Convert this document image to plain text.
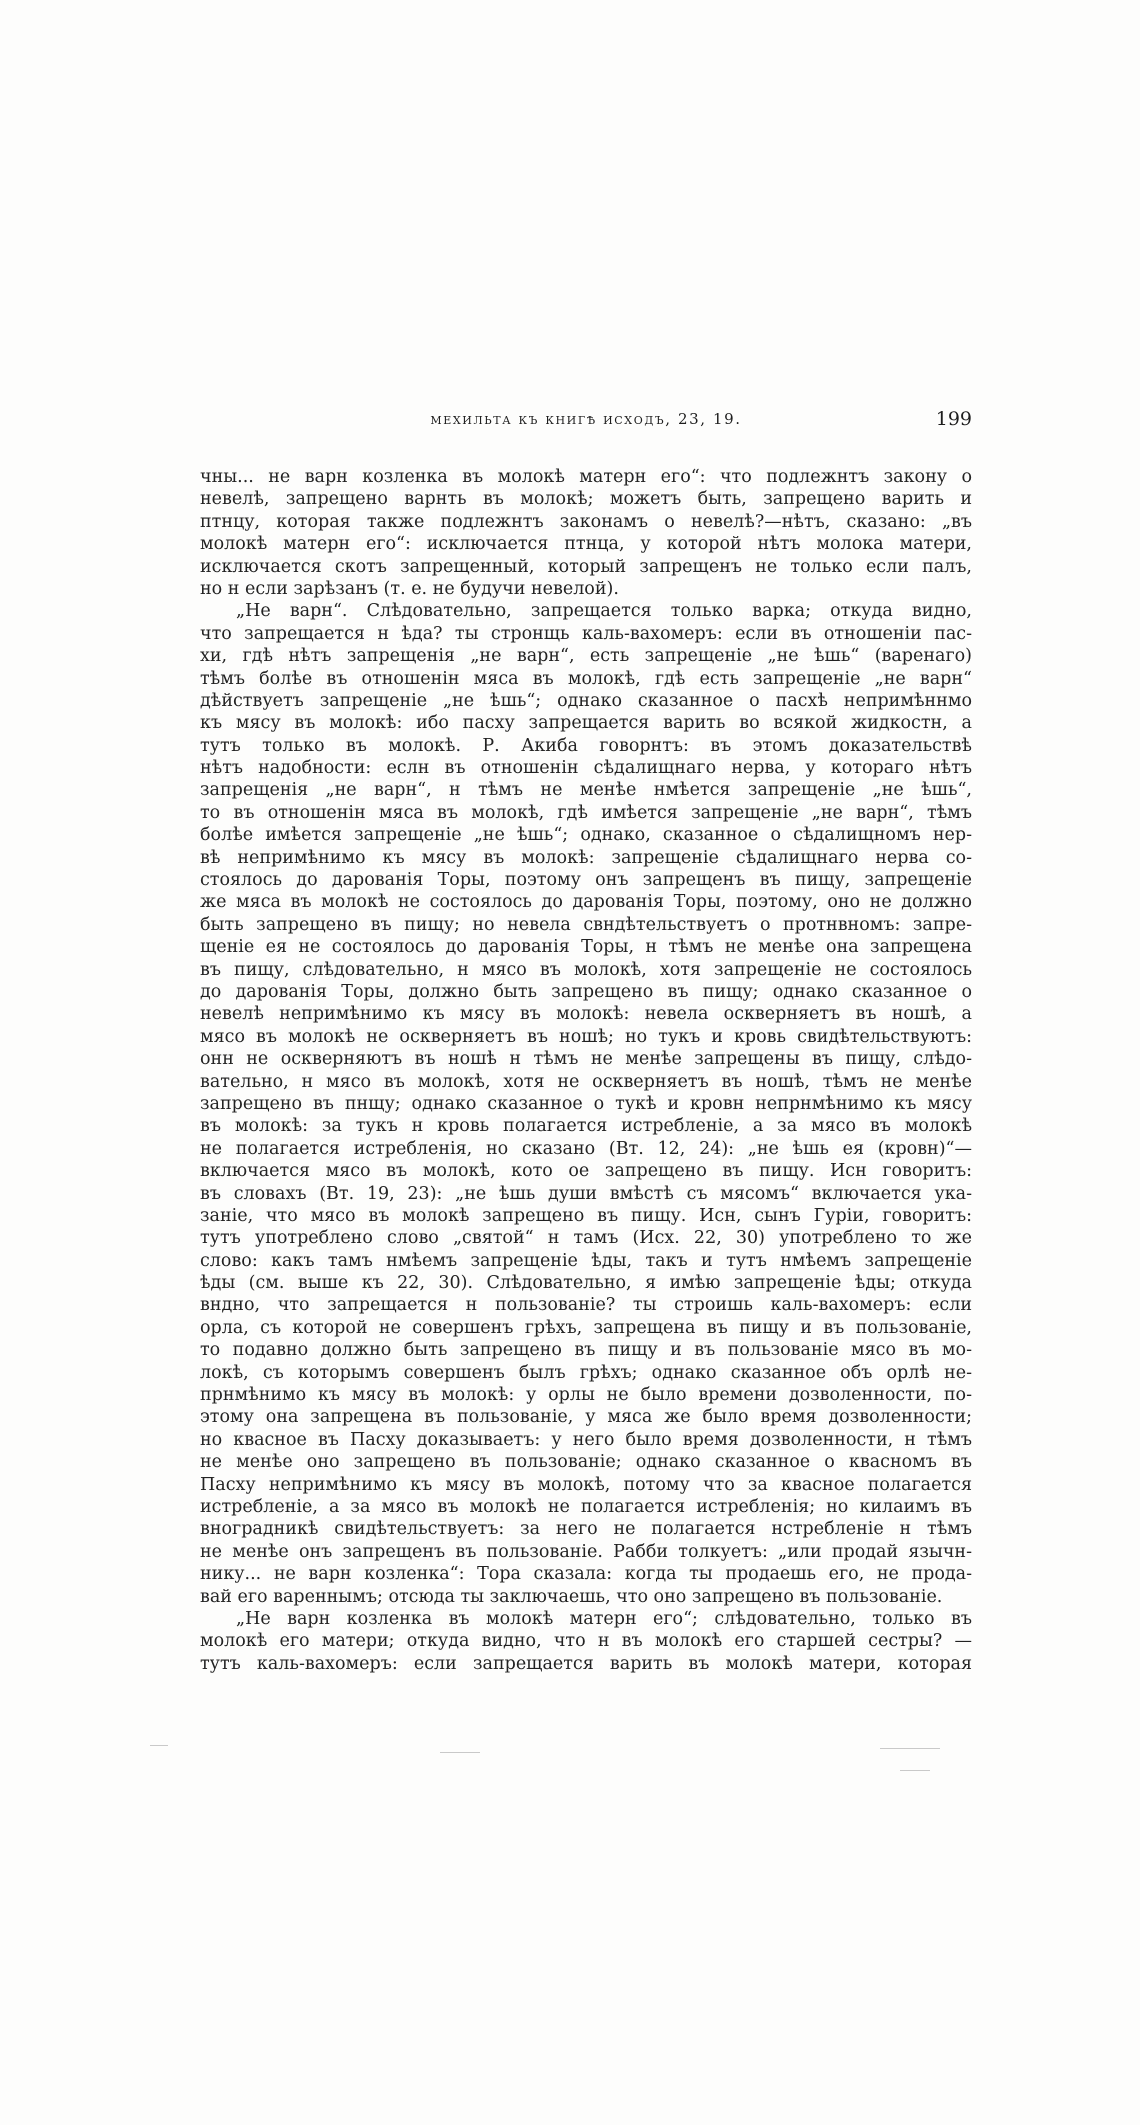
мехильта къ книгѣ исходъ, 23, 19.	199
чны... не варн козленка въ молокѣ матерн его“: что подлежнтъ закону о
невелѣ, запрещено варнть въ молокѣ; можетъ быть, запрещено варить и
птнцу, которая также подлежнтъ законамъ о невелѣ?—нѣтъ, сказано: „въ
молокѣ матерн его“: исключается птнца, у которой нѣтъ молока матери,
исключается скотъ запрещенный, который запрещенъ не только если палъ,
но н если зарѣзанъ (т. е. не будучи невелой).
„Не варн“. Слѣдовательно, запрещается только варка; откуда видно,
что запрещается н ѣда? ты стронщь каль-вахомеръ: если въ отношеніи пас-
хи, гдѣ нѣтъ запрещенія „не варн“, есть запрещеніе „не ѣшь“ (варенаго)
тѣмъ болѣе въ отношенін мяса въ молокѣ, гдѣ есть запрещеніе „не варн“
дѣйствуетъ запрещеніе „не ѣшь“; однако сказанное о пасхѣ непримѣннмо
къ мясу въ молокѣ: ибо пасху запрещается варить во всякой жидкостн, а
тутъ только въ молокѣ. Р. Акиба говорнтъ: въ этомъ доказательствѣ
нѣтъ надобности: еслн въ отношенін сѣдалищнаго нерва, у котораго нѣтъ
запрещенія „не варн“, н тѣмъ не менѣе нмѣется запрещеніе „не ѣшь“,
то въ отношенін мяса въ молокѣ, гдѣ имѣется запрещеніе „не варн“, тѣмъ
болѣе имѣется запрещеніе „не ѣшь“; однако, сказанное о сѣдалищномъ нер-
вѣ непримѣнимо къ мясу въ молокѣ: запрещеніе сѣдалищнаго нерва со-
стоялось до дарованія Торы, поэтому онъ запрещенъ въ пищу, запрещеніе
же мяса въ молокѣ не состоялось до дарованія Торы, поэтому, оно не должно
быть запрещено въ пищу; но невела свндѣтельствуетъ о протнвномъ: запре-
щеніе ея не состоялось до дарованія Торы, н тѣмъ не менѣе она запрещена
въ пищу, слѣдовательно, н мясо въ молокѣ, хотя запрещеніе не состоялось
до дарованія Торы, должно быть запрещено въ пищу; однако сказанное о
невелѣ непримѣнимо къ мясу въ молокѣ: невела оскверняетъ въ ношѣ, а
мясо въ молокѣ не оскверняетъ въ ношѣ; но тукъ и кровь свидѣтельствуютъ:
онн не оскверняютъ въ ношѣ н тѣмъ не менѣе запрещены въ пищу, слѣдо-
вательно, н мясо въ молокѣ, хотя не оскверняетъ въ ношѣ, тѣмъ не менѣе
запрещено въ пнщу; однако сказанное о тукѣ и кровн непрнмѣнимо къ мясу
въ молокѣ: за тукъ н кровь полагается истребленіе, а за мясо въ молокѣ
не полагается истребленія, но сказано (Вт. 12, 24): „не ѣшь ея (кровн)“—
включается мясо въ молокѣ, кото ое запрещено въ пищу. Исн говоритъ:
въ словахъ (Вт. 19, 23): „не ѣшь души вмѣстѣ съ мясомъ“ включается ука-
заніе, что мясо въ молокѣ запрещено въ пищу. Исн, сынъ Гуріи, говоритъ:
тутъ употреблено слово „святой“ н тамъ (Исх. 22, 30) употреблено то же
слово: какъ тамъ нмѣемъ запрещеніе ѣды, такъ и тутъ нмѣемъ запрещеніе
ѣды (см. выше къ 22, 30). Слѣдовательно, я имѣю запрещеніе ѣды; откуда
вндно, что запрещается н пользованіе? ты строишь каль-вахомеръ: если
орла, съ которой не совершенъ грѣхъ, запрещена въ пищу и въ пользованіе,
то подавно должно быть запрещено въ пищу и въ пользованіе мясо въ мо-
локѣ, съ которымъ совершенъ былъ грѣхъ; однако сказанное объ орлѣ не-
прнмѣнимо къ мясу въ молокѣ: у орлы не было времени дозволенности, по-
этому она запрещена въ пользованіе, у мяса же было время дозволенности;
но квасное въ Пасху доказываетъ: у него было время дозволенности, н тѣмъ
не менѣе оно запрещено въ пользованіе; однако сказанное о квасномъ въ
Пасху непримѣнимо къ мясу въ молокѣ, потому что за квасное полагается
истребленіе, а за мясо въ молокѣ не полагается истребленія; но килаимъ въ
вноградникѣ свидѣтельствуетъ: за него не полагается нстребленіе н тѣмъ
не менѣе онъ запрещенъ въ пользованіе. Рабби толкуетъ: „или продай язычн-
нику... не варн козленка“: Тора сказала: когда ты продаешь его, не прода-
вай его вареннымъ; отсюда ты заключаешь, что оно запрещено въ пользованіе.
„Не варн козленка въ молокѣ матерн его“; слѣдовательно, только въ
молокѣ его матери; откуда видно, что н въ молокѣ его старшей сестры? —
тутъ каль-вахомеръ: если запрещается варить въ молокѣ матери, которая
